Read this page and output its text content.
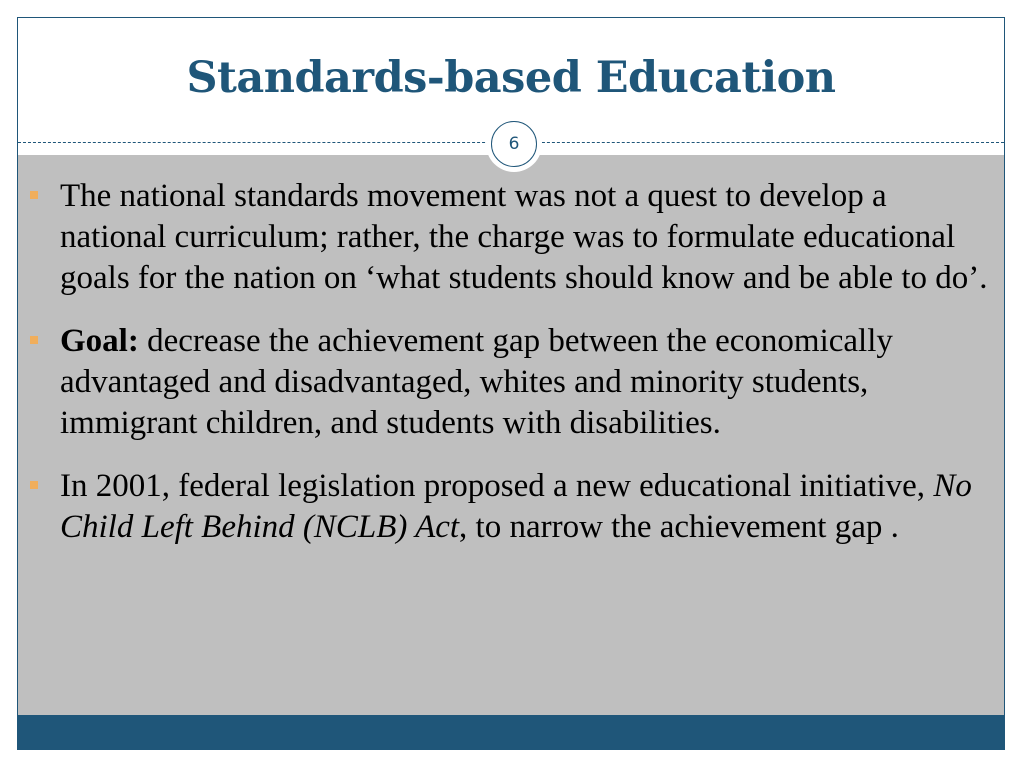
Standards-based Education
6
The national standards movement was not a quest to develop a national curriculum; rather, the charge was to formulate educational goals for the nation on ‘what students should know and be able to do’.
Goal: decrease the achievement gap between the economically advantaged and disadvantaged, whites and minority students, immigrant children, and students with disabilities.
In 2001, federal legislation proposed a new educational initiative, No Child Left Behind (NCLB) Act, to narrow the achievement gap .
